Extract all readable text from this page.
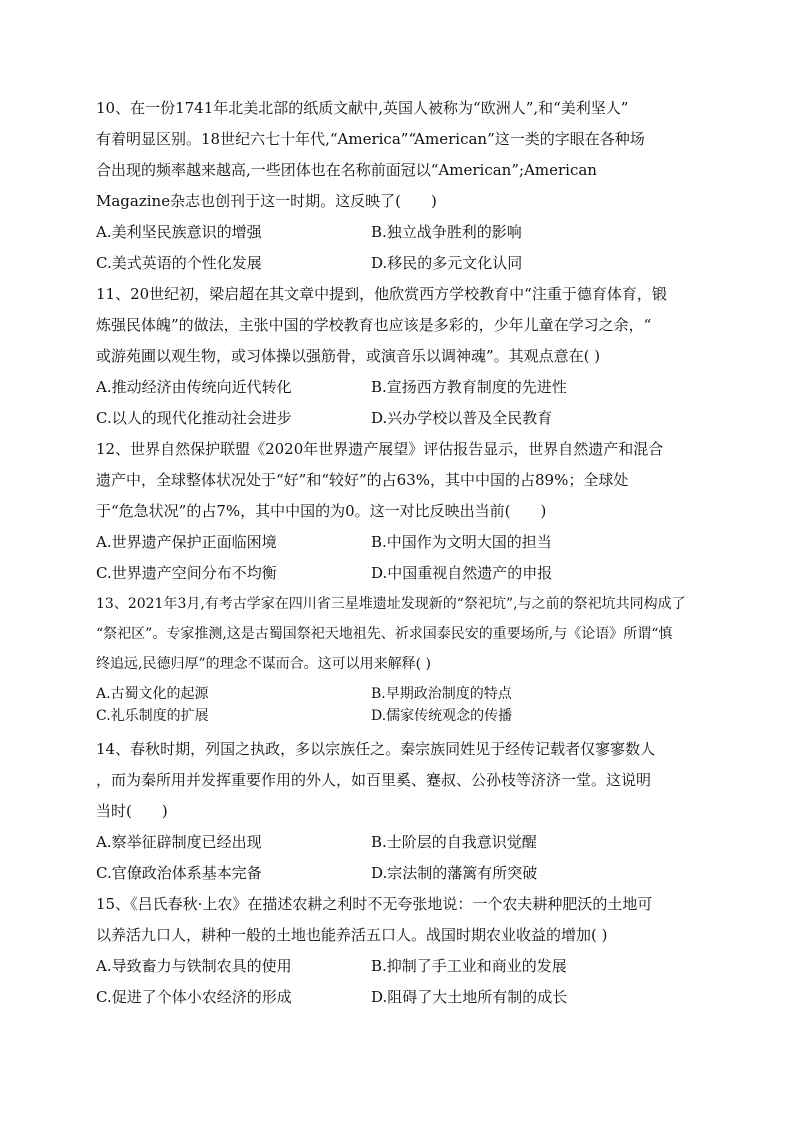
10、在一份1741年北美北部的纸质文献中,英国人被称为“欧洲人”,和“美利坚人”
有着明显区别。18世纪六七十年代,“America”“American”这一类的字眼在各种场
合出现的频率越来越高,一些团体也在名称前面冠以“American”;American
Magazine杂志也创刊于这一时期。这反映了(　　)
A.美利坚民族意识的增强	B.独立战争胜利的影响
C.美式英语的个性化发展	D.移民的多元文化认同
11、20世纪初，梁启超在其文章中提到，他欣赏西方学校教育中“注重于德育体育，锻
炼强民体魄”的做法，主张中国的学校教育也应该是多彩的，少年儿童在学习之余，“
或游苑圃以观生物，或习体操以强筋骨，或演音乐以调神魂”。其观点意在( )
A.推动经济由传统向近代转化	B.宣扬西方教育制度的先进性
C.以人的现代化推动社会进步	D.兴办学校以普及全民教育
12、世界自然保护联盟《2020年世界遗产展望》评估报告显示，世界自然遗产和混合
遗产中，全球整体状况处于“好”和“较好”的占63%，其中中国的占89%；全球处
于“危急状况”的占7%，其中中国的为0。这一对比反映出当前(　　)
A.世界遗产保护正面临困境	B.中国作为文明大国的担当
C.世界遗产空间分布不均衡	D.中国重视自然遗产的申报
13、2021年3月,有考古学家在四川省三星堆遗址发现新的“祭祀坑”,与之前的祭祀坑共同构成了
“祭祀区”。专家推测,这是古蜀国祭祀天地祖先、祈求国泰民安的重要场所,与《论语》所谓“慎
终追远,民德归厚”的理念不谋而合。这可以用来解释( )
A.古蜀文化的起源	B.早期政治制度的特点
C.礼乐制度的扩展	D.儒家传统观念的传播
14、春秋时期，列国之执政，多以宗族任之。秦宗族同姓见于经传记载者仅寥寥数人
，而为秦所用并发挥重要作用的外人，如百里奚、蹇叔、公孙枝等济济一堂。这说明
当时(　　)
A.察举征辟制度已经出现	B.士阶层的自我意识觉醒
C.官僚政治体系基本完备	D.宗法制的藩篱有所突破
15、《吕氏春秋·上农》在描述农耕之利时不无夸张地说：一个农夫耕种肥沃的土地可
以养活九口人，耕种一般的土地也能养活五口人。战国时期农业收益的增加( )
A.导致畜力与铁制农具的使用	B.抑制了手工业和商业的发展
C.促进了个体小农经济的形成	D.阻碍了大土地所有制的成长
